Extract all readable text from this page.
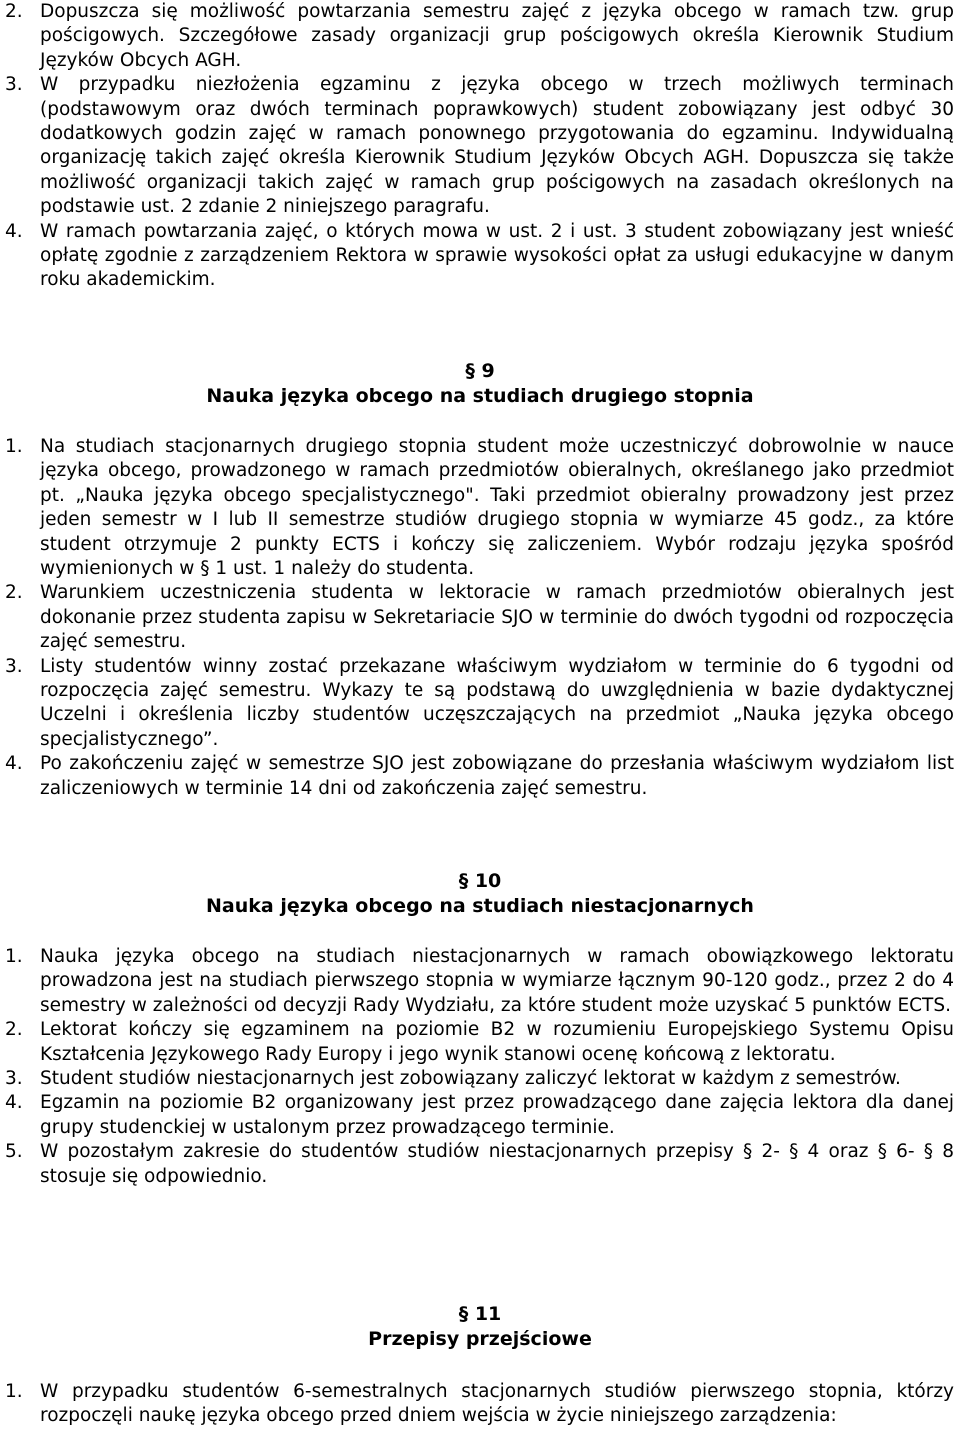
2. Dopuszcza się możliwość powtarzania semestru zajęć z języka obcego w ramach tzw. grup pościgowych. Szczegółowe zasady organizacji grup pościgowych określa Kierownik Studium Języków Obcych AGH.
3. W przypadku niezłożenia egzaminu z języka obcego w trzech możliwych terminach (podstawowym oraz dwóch terminach poprawkowych) student zobowiązany jest odbyć 30 dodatkowych godzin zajęć w ramach ponownego przygotowania do egzaminu. Indywidualną organizację takich zajęć określa Kierownik Studium Języków Obcych AGH. Dopuszcza się także możliwość organizacji takich zajęć w ramach grup pościgowych na zasadach określonych na podstawie ust. 2 zdanie 2 niniejszego paragrafu.
4. W ramach powtarzania zajęć, o których mowa w ust. 2 i ust. 3 student zobowiązany jest wnieść opłatę zgodnie z zarządzeniem Rektora w sprawie wysokości opłat za usługi edukacyjne w danym roku akademickim.
§ 9
Nauka języka obcego na studiach drugiego stopnia
1. Na studiach stacjonarnych drugiego stopnia student może uczestniczyć dobrowolnie w nauce języka obcego, prowadzonego w ramach przedmiotów obieralnych, określanego jako przedmiot pt. „Nauka języka obcego specjalistycznego". Taki przedmiot obieralny prowadzony jest przez jeden semestr w I lub II semestrze studiów drugiego stopnia w wymiarze 45 godz., za które student otrzymuje 2 punkty ECTS i kończy się zaliczeniem. Wybór rodzaju języka spośród wymienionych w § 1 ust. 1 należy do studenta.
2. Warunkiem uczestniczenia studenta w lektoracie w ramach przedmiotów obieralnych jest dokonanie przez studenta zapisu w Sekretariacie SJO w terminie do dwóch tygodni od rozpoczęcia zajęć semestru.
3. Listy studentów winny zostać przekazane właściwym wydziałom w terminie do 6 tygodni od rozpoczęcia zajęć semestru. Wykazy te są podstawą do uwzględnienia w bazie dydaktycznej Uczelni i określenia liczby studentów uczęszczających na przedmiot „Nauka języka obcego specjalistycznego”.
4. Po zakończeniu zajęć w semestrze SJO jest zobowiązane do przesłania właściwym wydziałom list zaliczeniowych w terminie 14 dni od zakończenia zajęć semestru.
§ 10
Nauka języka obcego na studiach niestacjonarnych
1. Nauka języka obcego na studiach niestacjonarnych w ramach obowiązkowego lektoratu prowadzona jest na studiach pierwszego stopnia w wymiarze łącznym 90-120 godz., przez 2 do 4 semestry w zależności od decyzji Rady Wydziału, za które student może uzyskać 5 punktów ECTS.
2. Lektorat kończy się egzaminem na poziomie B2 w rozumieniu Europejskiego Systemu Opisu Kształcenia Językowego Rady Europy i jego wynik stanowi ocenę końcową z lektoratu.
3. Student studiów niestacjonarnych jest zobowiązany zaliczyć lektorat w każdym z semestrów.
4. Egzamin na poziomie B2 organizowany jest przez prowadzącego dane zajęcia lektora dla danej grupy studenckiej w ustalonym przez prowadzącego terminie.
5. W pozostałym zakresie do studentów studiów niestacjonarnych przepisy § 2- § 4 oraz § 6- § 8 stosuje się odpowiednio.
§ 11
Przepisy przejściowe
1. W przypadku studentów 6-semestralnych stacjonarnych studiów pierwszego stopnia, którzy rozpoczęli naukę języka obcego przed dniem wejścia w życie niniejszego zarządzenia:
